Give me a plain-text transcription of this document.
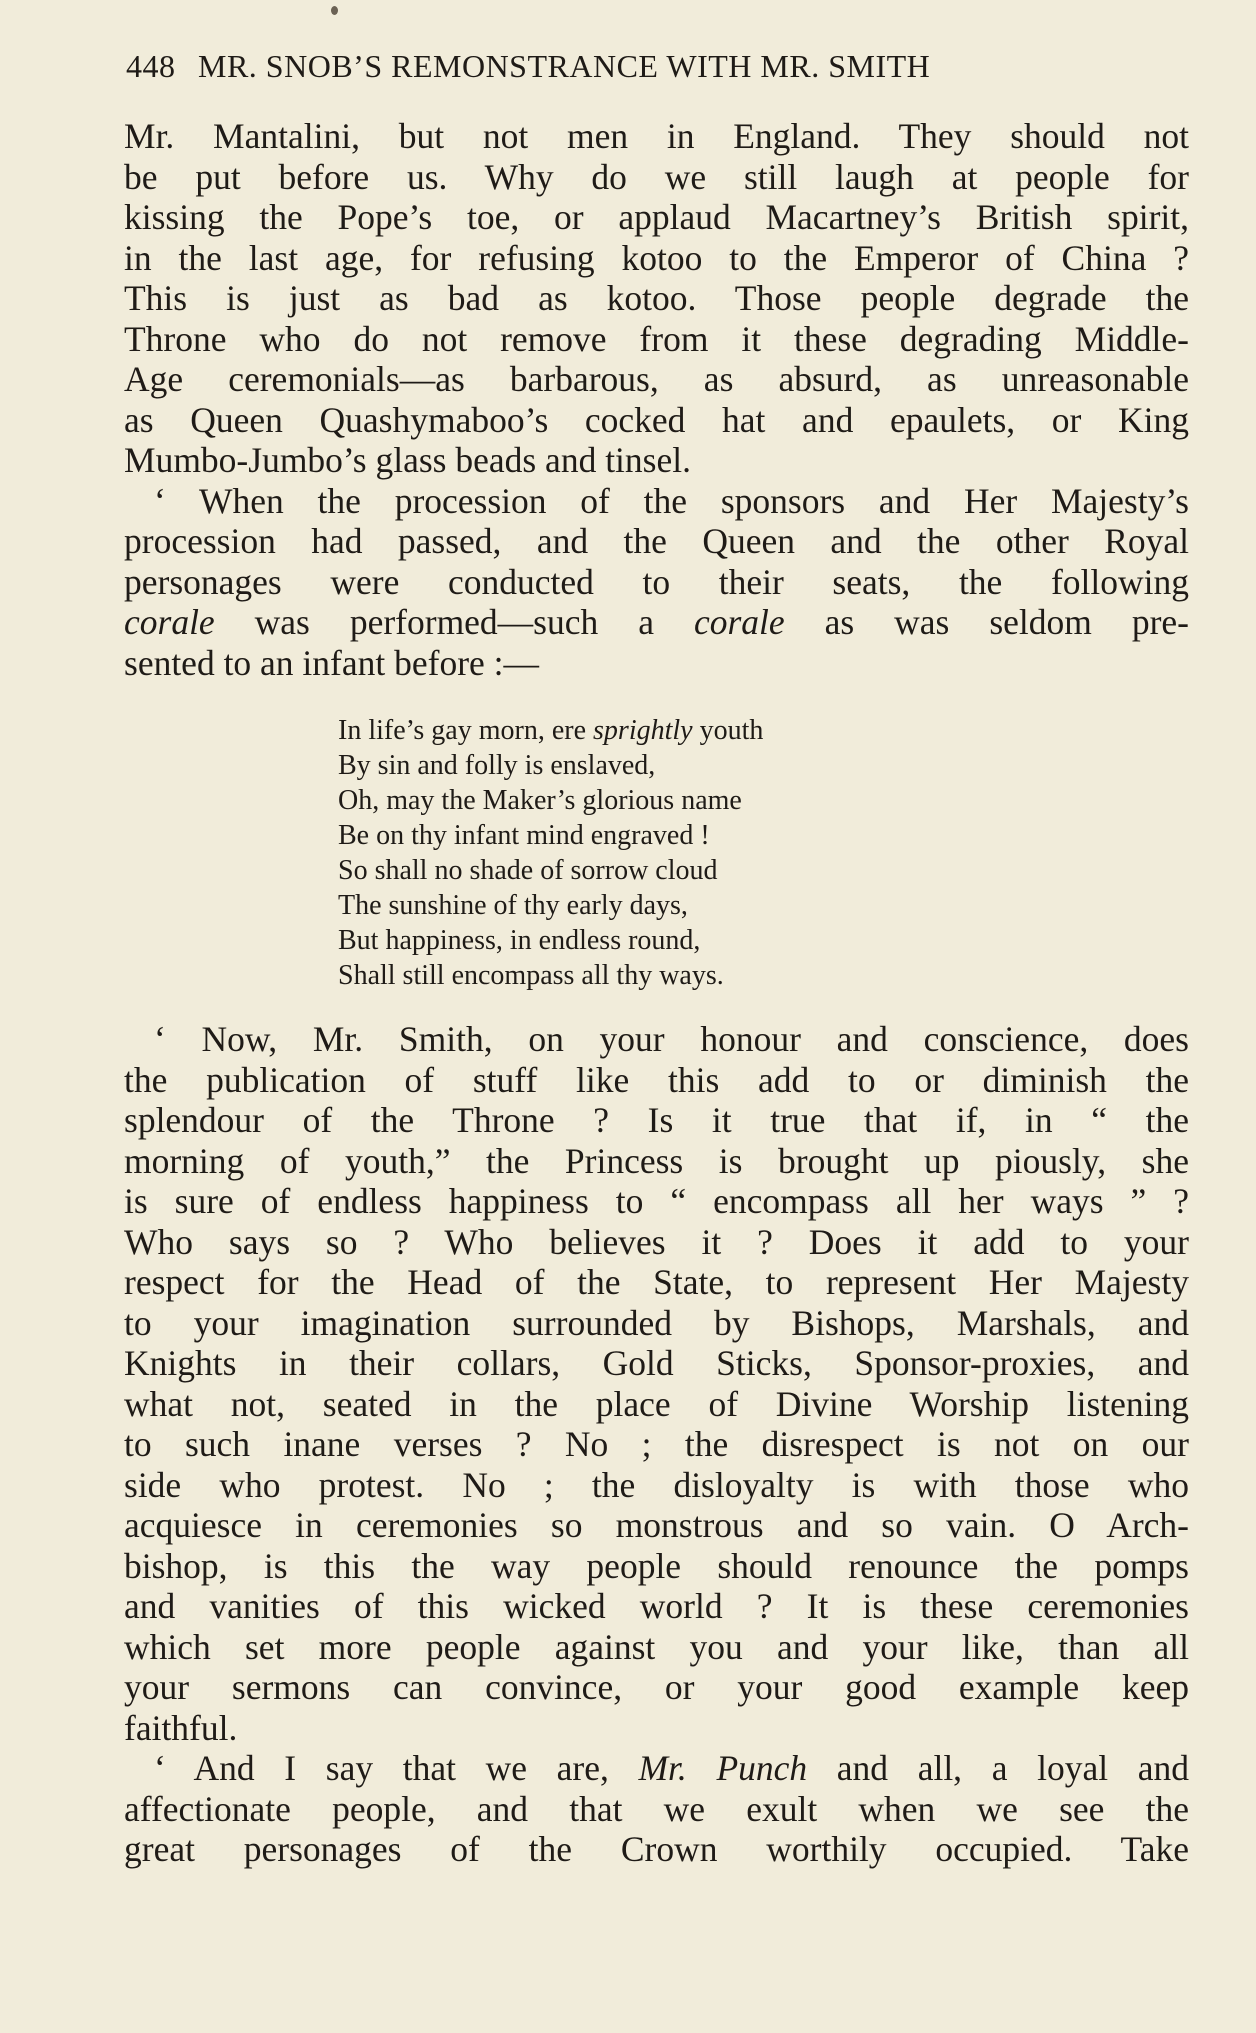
448 MR. SNOB’S REMONSTRANCE WITH MR. SMITH

Mr. Mantalini, but not men in England. They should not

be put before us. Why do we still laugh at people for

kissing the Pope’s toe, or applaud Macartney’s British spirit,

in the last age, for refusing kotoo to the Emperor of China ?

This is just as bad as kotoo. Those people degrade the

Throne who do not remove from it these degrading Middle-

Age ceremonials—as barbarous, as absurd, as unreasonable

as Queen Quashymaboo’s cocked hat and epaulets, or King

Mumbo-Jumbo’s glass beads and tinsel.

‘ When the procession of the sponsors and Her Majesty’s

procession had passed, and the Queen and the other Royal

personages were conducted to their seats, the following

corale was performed—such a corale as was seldom pre-

sented to an infant before :—

In life’s gay morn, ere sprightly youth
By sin and folly is enslaved,
Oh, may the Maker’s glorious name
Be on thy infant mind engraved !
So shall no shade of sorrow cloud
The sunshine of thy early days,
But happiness, in endless round,
Shall still encompass all thy ways.

‘ Now, Mr. Smith, on your honour and conscience, does

the publication of stuff like this add to or diminish the

splendour of the Throne ? Is it true that if, in “ the

morning of youth,” the Princess is brought up piously, she

is sure of endless happiness to “ encompass all her ways ” ?

Who says so ? Who believes it ? Does it add to your

respect for the Head of the State, to represent Her Majesty

to your imagination surrounded by Bishops, Marshals, and

Knights in their collars, Gold Sticks, Sponsor-proxies, and

what not, seated in the place of Divine Worship listening

to such inane verses ? No ; the disrespect is not on our

side who protest. No ; the disloyalty is with those who

acquiesce in ceremonies so monstrous and so vain. O Arch-

bishop, is this the way people should renounce the pomps

and vanities of this wicked world ? It is these ceremonies

which set more people against you and your like, than all

your sermons can convince, or your good example keep

faithful.

‘ And I say that we are, Mr. Punch and all, a loyal and

affectionate people, and that we exult when we see the

great personages of the Crown worthily occupied. Take
